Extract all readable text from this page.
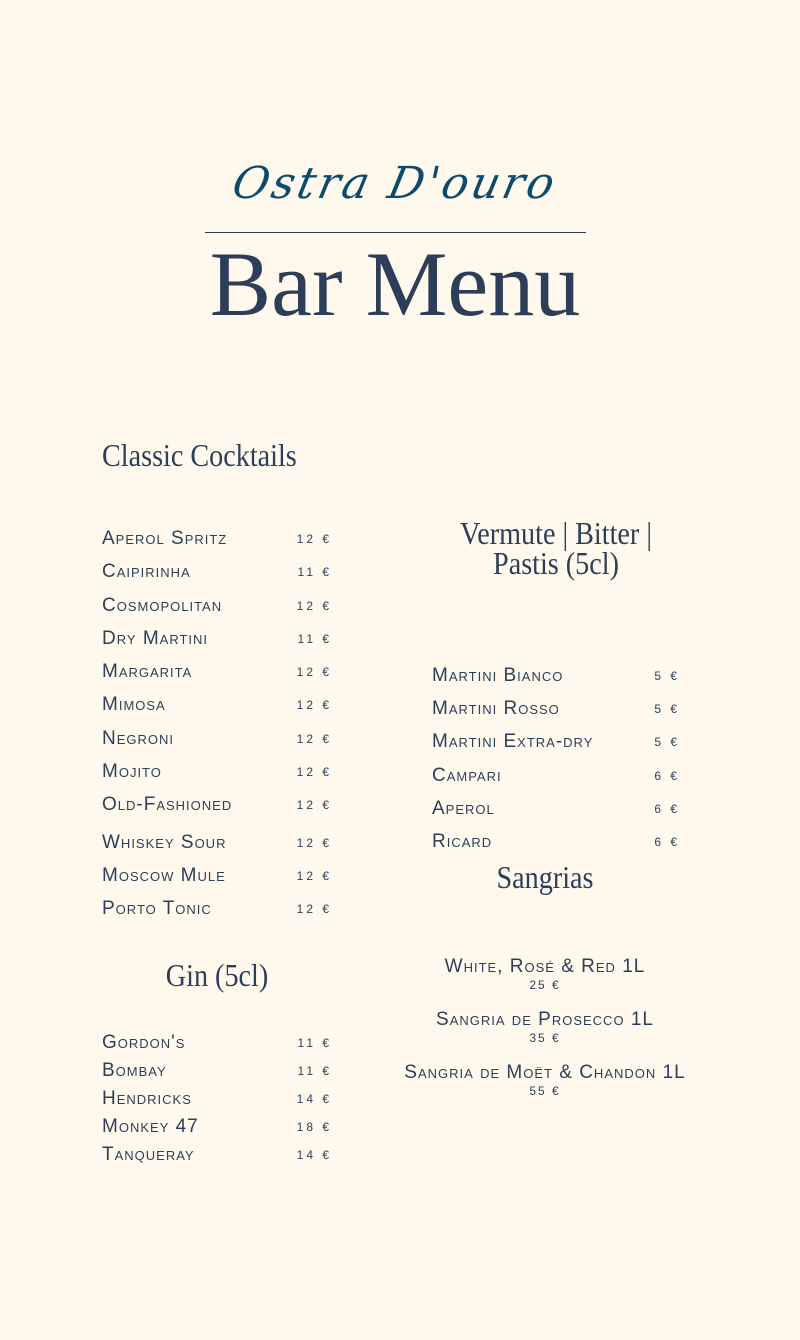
Ostra D'ouro
Bar Menu
Classic Cocktails
Aperol Spritz	12 €
Caipirinha	11 €
Cosmopolitan	12 €
Dry Martini	11 €
Margarita	12 €
Mimosa	12 €
Negroni	12 €
Mojito	12 €
Old-Fashioned	12 €
Whiskey Sour	12 €
Moscow Mule	12 €
Porto Tonic	12 €
Gin (5cl)
Gordon's	11 €
Bombay	11 €
Hendricks	14 €
Monkey 47	18 €
Tanqueray	14 €
Vermute | Bitter |
Pastis (5cl)
Martini Bianco	5 €
Martini Rosso	5 €
Martini Extra-dry	5 €
Campari	6 €
Aperol	6 €
Ricard	6 €
Sangrias
White, Rosé & Red 1L
25 €
Sangria de Prosecco 1L
35 €
Sangria de Moët & Chandon 1L
55 €
